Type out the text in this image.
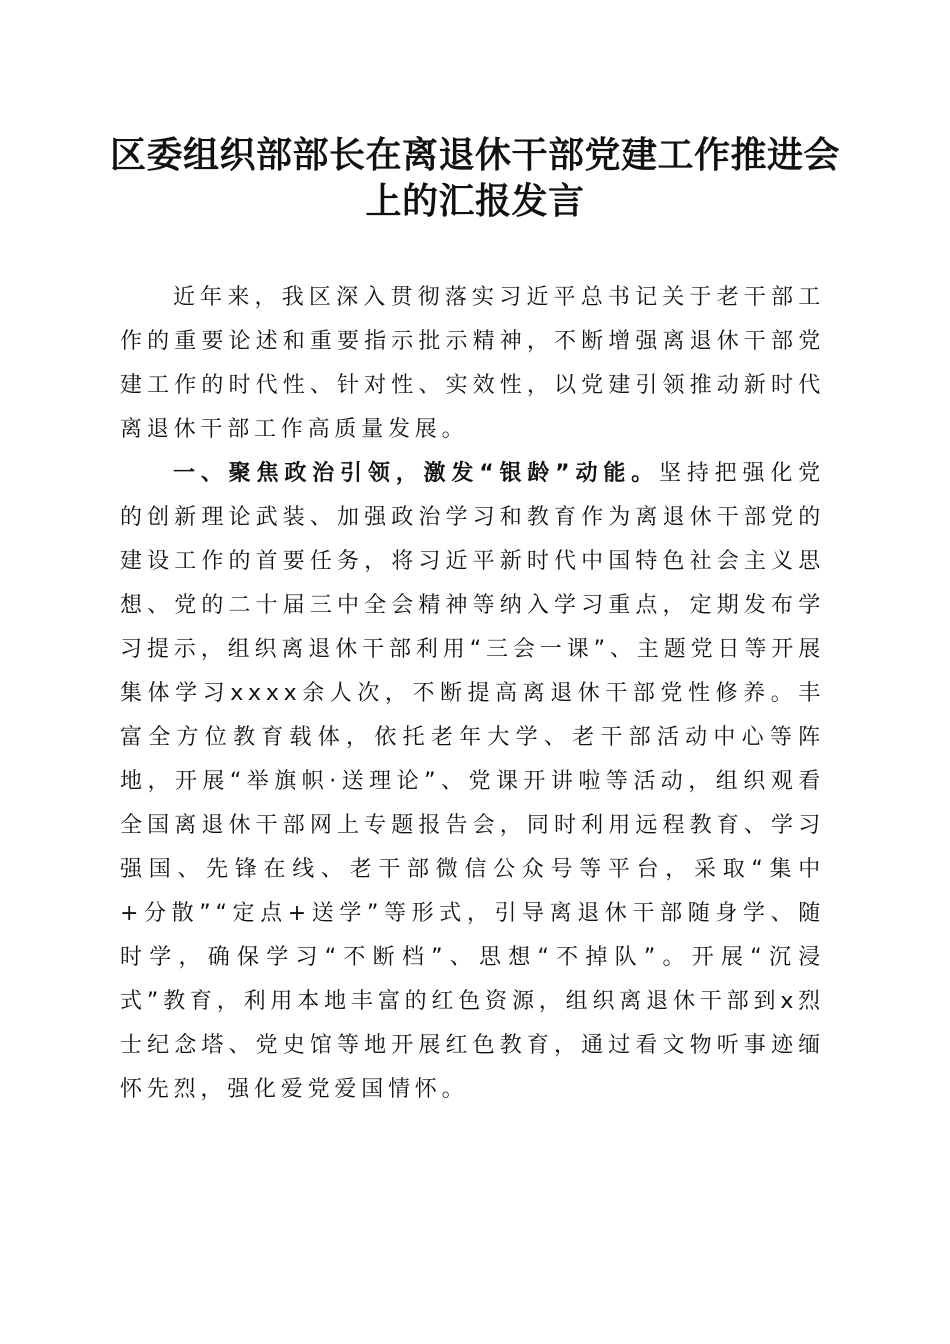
区委组织部部长在离退休干部党建工作推进会
上的汇报发言

近年来，我区深入贯彻落实习近平总书记关于老干部工作的重要论述和重要指示批示精神，不断增强离退休干部党建工作的时代性、针对性、实效性，以党建引领推动新时代离退休干部工作高质量发展。

一、聚焦政治引领，激发“银龄”动能。坚持把强化党的创新理论武装、加强政治学习和教育作为离退休干部党的建设工作的首要任务，将习近平新时代中国特色社会主义思想、党的二十届三中全会精神等纳入学习重点，定期发布学习提示，组织离退休干部利用“三会一课”、主题党日等开展集体学习xxxx余人次，不断提高离退休干部党性修养。丰富全方位教育载体，依托老年大学、老干部活动中心等阵地，开展“举旗帜·送理论”、党课开讲啦等活动，组织观看全国离退休干部网上专题报告会，同时利用远程教育、学习强国、先锋在线、老干部微信公众号等平台，采取“集中+分散”“定点+送学”等形式，引导离退休干部随身学、随时学，确保学习“不断档”、思想“不掉队”。开展“沉浸式”教育，利用本地丰富的红色资源，组织离退休干部到x烈士纪念塔、党史馆等地开展红色教育，通过看文物听事迹缅怀先烈，强化爱党爱国情怀。
